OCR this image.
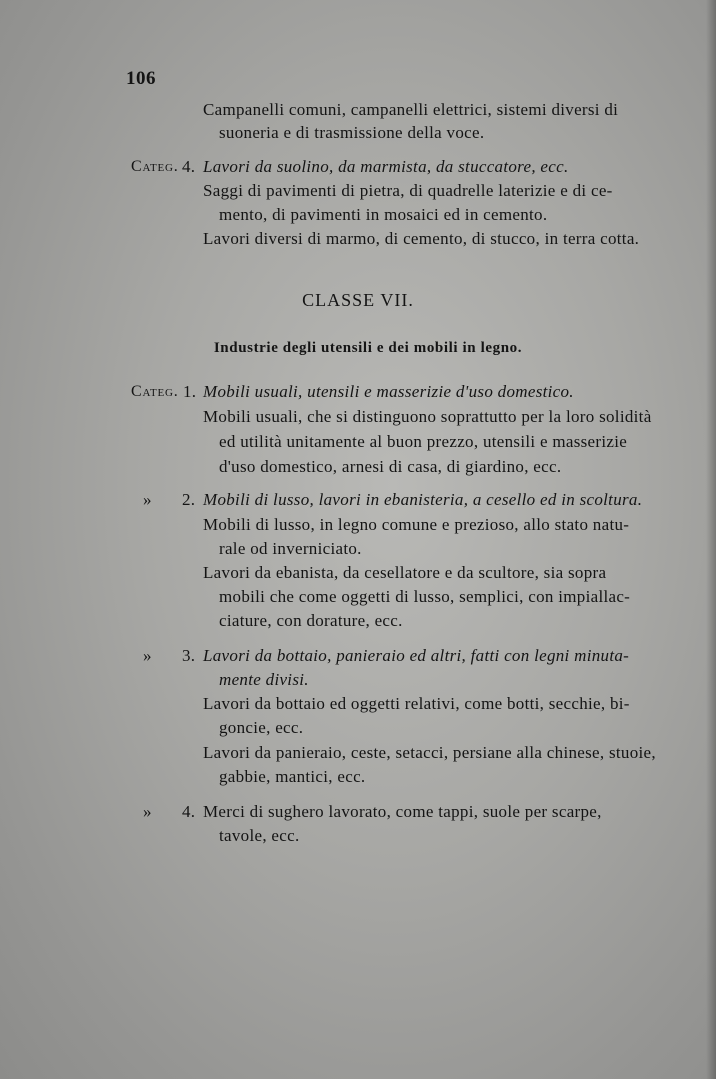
106
Campanelli comuni, campanelli elettrici, sistemi diversi di
suoneria e di trasmissione della voce.
Categ. 4. Lavori da suolino, da marmista, da stuccatore, ecc.
Saggi di pavimenti di pietra, di quadrelle laterizie e di ce-
mento, di pavimenti in mosaici ed in cemento.
Lavori diversi di marmo, di cemento, di stucco, in terra cotta.
CLASSE VII.
Industrie degli utensili e dei mobili in legno.
Categ. 1. Mobili usuali, utensili e masserizie d'uso domestico.
Mobili usuali, che si distinguono soprattutto per la loro solidità
ed utilità unitamente al buon prezzo, utensili e masserizie
d'uso domestico, arnesi di casa, di giardino, ecc.
» 2. Mobili di lusso, lavori in ebanisteria, a cesello ed in scoltura.
Mobili di lusso, in legno comune e prezioso, allo stato natu-
rale od inverniciato.
Lavori da ebanista, da cesellatore e da scultore, sia sopra
mobili che come oggetti di lusso, semplici, con impiallac-
ciature, con dorature, ecc.
» 3. Lavori da bottaio, panieraio ed altri, fatti con legni minuta-
mente divisi.
Lavori da bottaio ed oggetti relativi, come botti, secchie, bi-
goncie, ecc.
Lavori da panieraio, ceste, setacci, persiane alla chinese, stuoie,
gabbie, mantici, ecc.
» 4. Merci di sughero lavorato, come tappi, suole per scarpe,
tavole, ecc.
